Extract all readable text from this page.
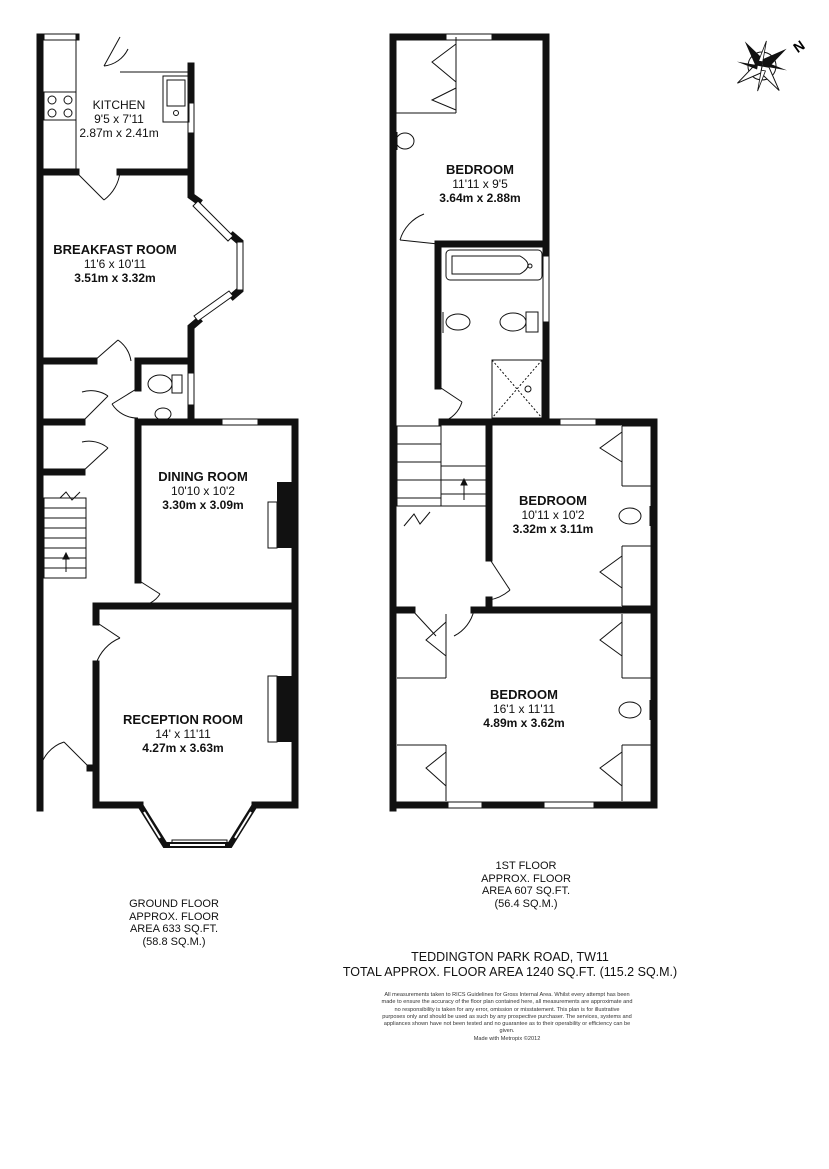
N
KITCHEN
9'5 x 7'11
2.87m x 2.41m
BREAKFAST ROOM
11'6 x 10'11
3.51m x 3.32m
DINING ROOM
10'10 x 10'2
3.30m x 3.09m
RECEPTION ROOM
14' x 11'11
4.27m x 3.63m
BEDROOM
11'11 x 9'5
3.64m x 2.88m
BEDROOM
10'11 x 10'2
3.32m x 3.11m
BEDROOM
16'1 x 11'11
4.89m x 3.62m
GROUND FLOOR
APPROX. FLOOR
AREA 633 SQ.FT.
(58.8 SQ.M.)
1ST FLOOR
APPROX. FLOOR
AREA 607 SQ.FT.
(56.4 SQ.M.)
TEDDINGTON PARK ROAD, TW11
TOTAL APPROX. FLOOR AREA 1240 SQ.FT. (115.2 SQ.M.)
All measurements taken to RICS Guidelines for Gross Internal Area. Whilst every attempt has been
made to ensure the accuracy of the floor plan contained here, all measurements are approximate and
no responsibility is taken for any error, omission or misstatement. This plan is for illustrative
purposes only and should be used as such by any prospective purchaser. The services, systems and
appliances shown have not been tested and no guarantee as to their operability or efficiency can be
given.
Made with Metropix ©2012
